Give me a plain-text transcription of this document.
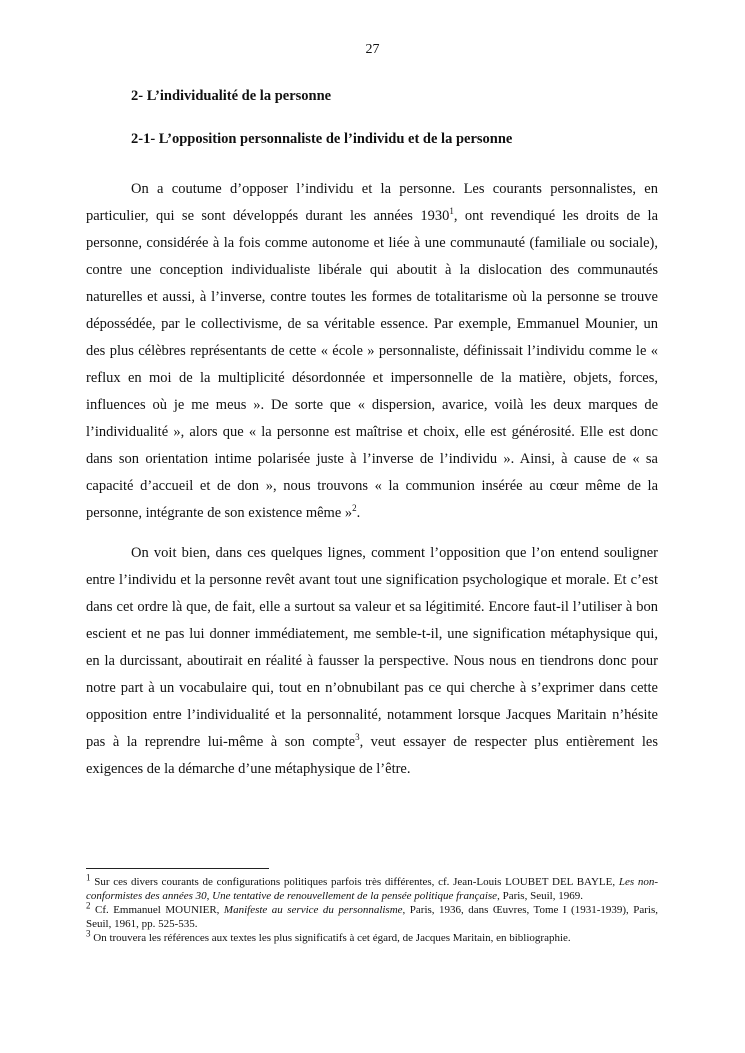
27
2- L’individualité de la personne
2-1- L’opposition personnaliste de l’individu et de la personne

On a coutume d’opposer l’individu et la personne. Les courants personnalistes, en particulier, qui se sont développés durant les années 1930$^1$, ont revendiqué les droits de la personne, considérée à la fois comme autonome et liée à une communauté (familiale ou sociale), contre une conception individualiste libérale qui aboutit à la dislocation des communautés naturelles et aussi, à l’inverse, contre toutes les formes de totalitarisme où la personne se trouve dépossédée, par le collectivisme, de sa véritable essence. Par exemple, Emmanuel Mounier, un des plus célèbres représentants de cette « école » personnaliste, définissait l’individu comme le « reflux en moi de la multiplicité désordonnée et impersonnelle de la matière, objets, forces, influences où je me meus ». De sorte que « dispersion, avarice, voilà les deux marques de l’individualité », alors que « la personne est maîtrise et choix, elle est générosité. Elle est donc dans son orientation intime polarisée juste à l’inverse de l’individu ». Ainsi, à cause de « sa capacité d’accueil et de don », nous trouvons « la communion insérée au cœur même de la personne, intégrante de son existence même »$^2$.

On voit bien, dans ces quelques lignes, comment l’opposition que l’on entend souligner entre l’individu et la personne revêt avant tout une signification psychologique et morale. Et c’est dans cet ordre là que, de fait, elle a surtout sa valeur et sa légitimité. Encore faut-il l’utiliser à bon escient et ne pas lui donner immédiatement, me semble-t-il, une signification métaphysique qui, en la durcissant, aboutirait en réalité à fausser la perspective. Nous nous en tiendrons donc pour notre part à un vocabulaire qui, tout en n’obnubilant pas ce qui cherche à s’exprimer dans cette opposition entre l’individualité et la personnalité, notamment lorsque Jacques Maritain n’hésite pas à la reprendre lui-même à son compte$^3$, veut essayer de respecter plus entièrement les exigences de la démarche d’une métaphysique de l’être.

$^1$ Sur ces divers courants de configurations politiques parfois très différentes, cf. Jean-Louis LOUBET DEL BAYLE, Les non-conformistes des années 30, Une tentative de renouvellement de la pensée politique française, Paris, Seuil, 1969.

$^2$ Cf. Emmanuel MOUNIER, Manifeste au service du personnalisme, Paris, 1936, dans Œuvres, Tome I (1931-1939), Paris, Seuil, 1961, pp. 525-535.

$^3$ On trouvera les références aux textes les plus significatifs à cet égard, de Jacques Maritain, en bibliographie.
